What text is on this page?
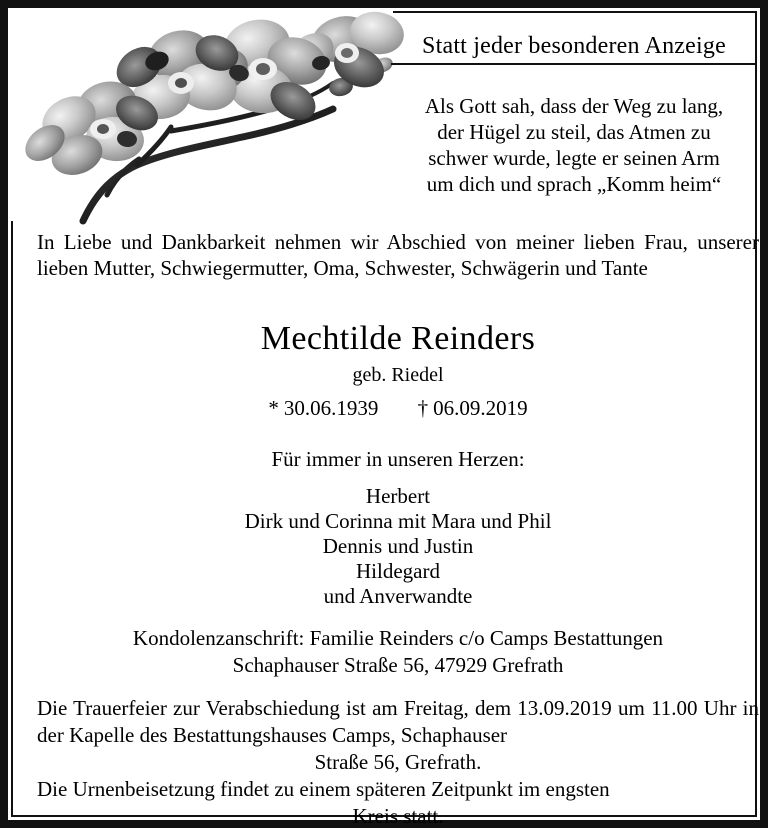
Statt jeder besonderen Anzeige
Als Gott sah, dass der Weg zu lang,
der Hügel zu steil, das Atmen zu
schwer wurde, legte er seinen Arm
um dich und sprach „Komm heim“
In Liebe und Dankbarkeit nehmen wir Abschied von meiner lieben Frau, unserer lieben Mutter, Schwiegermutter, Oma, Schwester, Schwägerin und Tante
Mechtilde Reinders
geb. Riedel
* 30.06.1939 † 06.09.2019
Für immer in unseren Herzen:
Herbert
Dirk und Corinna mit Mara und Phil
Dennis und Justin
Hildegard
und Anverwandte
Kondolenzanschrift: Familie Reinders c/o Camps Bestattungen
Schaphauser Straße 56, 47929 Grefrath

Die Trauerfeier zur Verabschiedung ist am Freitag, dem 13.09.2019 um 11.00 Uhr in der Kapelle des Bestattungshauses Camps, Schaphauser

Straße 56, Grefrath.

Die Urnenbeisetzung findet zu einem späteren Zeitpunkt im engsten

Kreis statt.
